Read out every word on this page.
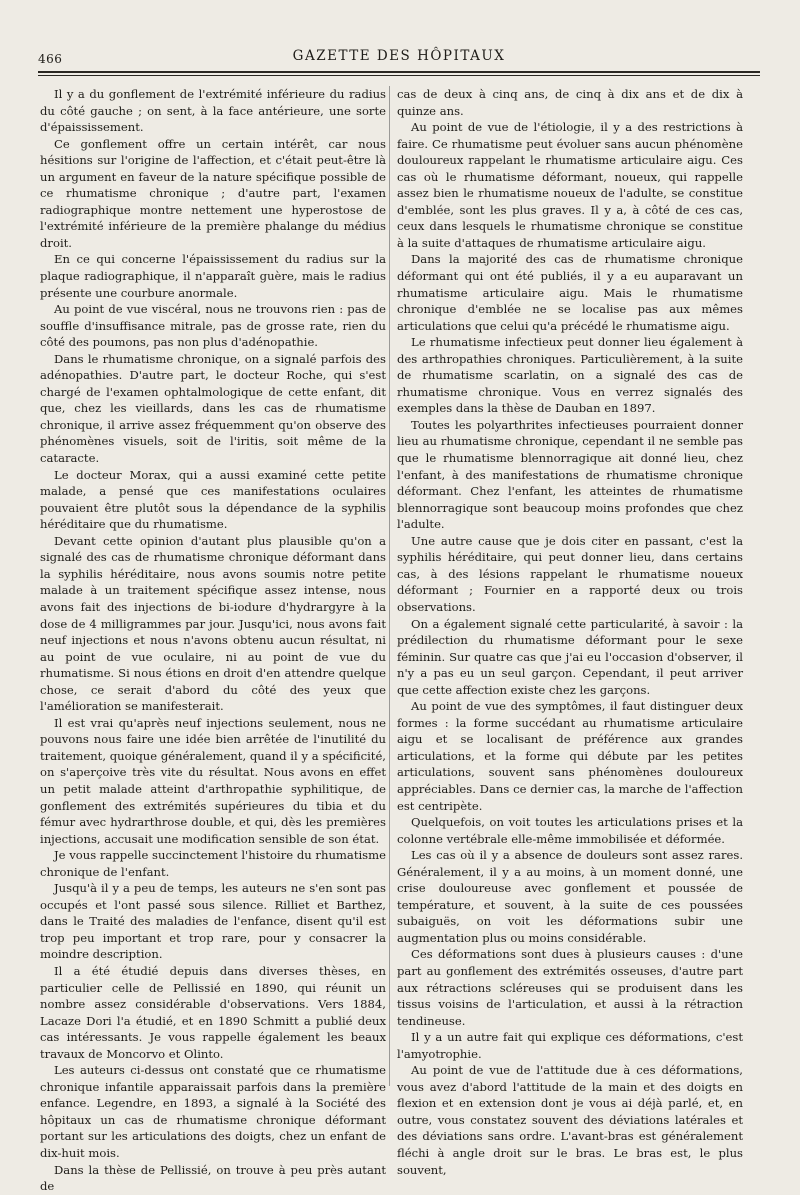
466	GAZETTE DES HÔPITAUX

Il y a du gonflement de l'extrémité inférieure du radius du côté gauche ; on sent, à la face antérieure, une sorte d'épaississement.

Ce gonflement offre un certain intérêt, car nous hésitions sur l'origine de l'affection, et c'était peut-être là un argument en faveur de la nature spécifique possible de ce rhumatisme chronique ; d'autre part, l'examen radiographique montre nettement une hyperostose de l'extrémité inférieure de la première phalange du médius droit.

En ce qui concerne l'épaississement du radius sur la plaque radiographique, il n'apparaît guère, mais le radius présente une courbure anormale.

Au point de vue viscéral, nous ne trouvons rien : pas de souffle d'insuffisance mitrale, pas de grosse rate, rien du côté des poumons, pas non plus d'adénopathie.

Dans le rhumatisme chronique, on a signalé parfois des adénopathies. D'autre part, le docteur Roche, qui s'est chargé de l'examen ophtalmologique de cette enfant, dit que, chez les vieillards, dans les cas de rhumatisme chronique, il arrive assez fréquemment qu'on observe des phénomènes visuels, soit de l'iritis, soit même de la cataracte.

Le docteur Morax, qui a aussi examiné cette petite malade, a pensé que ces manifestations oculaires pouvaient être plutôt sous la dépendance de la syphilis héréditaire que du rhumatisme.

Devant cette opinion d'autant plus plausible qu'on a signalé des cas de rhumatisme chronique déformant dans la syphilis héréditaire, nous avons soumis notre petite malade à un traitement spécifique assez intense, nous avons fait des injections de bi-iodure d'hydrargyre à la dose de 4 milligrammes par jour. Jusqu'ici, nous avons fait neuf injections et nous n'avons obtenu aucun résultat, ni au point de vue oculaire, ni au point de vue du rhumatisme. Si nous étions en droit d'en attendre quelque chose, ce serait d'abord du côté des yeux que l'amélioration se manifesterait.

Il est vrai qu'après neuf injections seulement, nous ne pouvons nous faire une idée bien arrêtée de l'inutilité du traitement, quoique généralement, quand il y a spécificité, on s'aperçoive très vite du résultat. Nous avons en effet un petit malade atteint d'arthropathie syphilitique, de gonflement des extrémités supérieures du tibia et du fémur avec hydrarthrose double, et qui, dès les premières injections, accusait une modification sensible de son état.

Je vous rappelle succinctement l'histoire du rhumatisme chronique de l'enfant.

Jusqu'à il y a peu de temps, les auteurs ne s'en sont pas occupés et l'ont passé sous silence. Rilliet et Barthez, dans le Traité des maladies de l'enfance, disent qu'il est trop peu important et trop rare, pour y consacrer la moindre description.

Il a été étudié depuis dans diverses thèses, en particulier celle de Pellissié en 1890, qui réunit un nombre assez considérable d'observations. Vers 1884, Lacaze Dori l'a étudié, et en 1890 Schmitt a publié deux cas intéressants. Je vous rappelle également les beaux travaux de Moncorvo et Olinto.

Les auteurs ci-dessus ont constaté que ce rhumatisme chronique infantile apparaissait parfois dans la première enfance. Legendre, en 1893, a signalé à la Société des hôpitaux un cas de rhumatisme chronique déformant portant sur les articulations des doigts, chez un enfant de dix-huit mois.

Dans la thèse de Pellissié, on trouve à peu près autant de

cas de deux à cinq ans, de cinq à dix ans et de dix à quinze ans.

Au point de vue de l'étiologie, il y a des restrictions à faire. Ce rhumatisme peut évoluer sans aucun phénomène douloureux rappelant le rhumatisme articulaire aigu. Ces cas où le rhumatisme déformant, noueux, qui rappelle assez bien le rhumatisme noueux de l'adulte, se constitue d'emblée, sont les plus graves. Il y a, à côté de ces cas, ceux dans lesquels le rhumatisme chronique se constitue à la suite d'attaques de rhumatisme articulaire aigu.

Dans la majorité des cas de rhumatisme chronique déformant qui ont été publiés, il y a eu auparavant un rhumatisme articulaire aigu. Mais le rhumatisme chronique d'emblée ne se localise pas aux mêmes articulations que celui qu'a précédé le rhumatisme aigu.

Le rhumatisme infectieux peut donner lieu également à des arthropathies chroniques. Particulièrement, à la suite de rhumatisme scarlatin, on a signalé des cas de rhumatisme chronique. Vous en verrez signalés des exemples dans la thèse de Dauban en 1897.

Toutes les polyarthrites infectieuses pourraient donner lieu au rhumatisme chronique, cependant il ne semble pas que le rhumatisme blennorragique ait donné lieu, chez l'enfant, à des manifestations de rhumatisme chronique déformant. Chez l'enfant, les atteintes de rhumatisme blennorragique sont beaucoup moins profondes que chez l'adulte.

Une autre cause que je dois citer en passant, c'est la syphilis héréditaire, qui peut donner lieu, dans certains cas, à des lésions rappelant le rhumatisme noueux déformant ; Fournier en a rapporté deux ou trois observations.

On a également signalé cette particularité, à savoir : la prédilection du rhumatisme déformant pour le sexe féminin. Sur quatre cas que j'ai eu l'occasion d'observer, il n'y a pas eu un seul garçon. Cependant, il peut arriver que cette affection existe chez les garçons.

Au point de vue des symptômes, il faut distinguer deux formes : la forme succédant au rhumatisme articulaire aigu et se localisant de préférence aux grandes articulations, et la forme qui débute par les petites articulations, souvent sans phénomènes douloureux appréciables. Dans ce dernier cas, la marche de l'affection est centripète.

Quelquefois, on voit toutes les articulations prises et la colonne vertébrale elle-même immobilisée et déformée.

Les cas où il y a absence de douleurs sont assez rares. Généralement, il y a au moins, à un moment donné, une crise douloureuse avec gonflement et poussée de température, et souvent, à la suite de ces poussées subaiguës, on voit les déformations subir une augmentation plus ou moins considérable.

Ces déformations sont dues à plusieurs causes : d'une part au gonflement des extrémités osseuses, d'autre part aux rétractions scléreuses qui se produisent dans les tissus voisins de l'articulation, et aussi à la rétraction tendineuse.

Il y a un autre fait qui explique ces déformations, c'est l'amyotrophie.

Au point de vue de l'attitude due à ces déformations, vous avez d'abord l'attitude de la main et des doigts en flexion et en extension dont je vous ai déjà parlé, et, en outre, vous constatez souvent des déviations latérales et des déviations sans ordre. L'avant-bras est généralement fléchi à angle droit sur le bras. Le bras est, le plus souvent,
